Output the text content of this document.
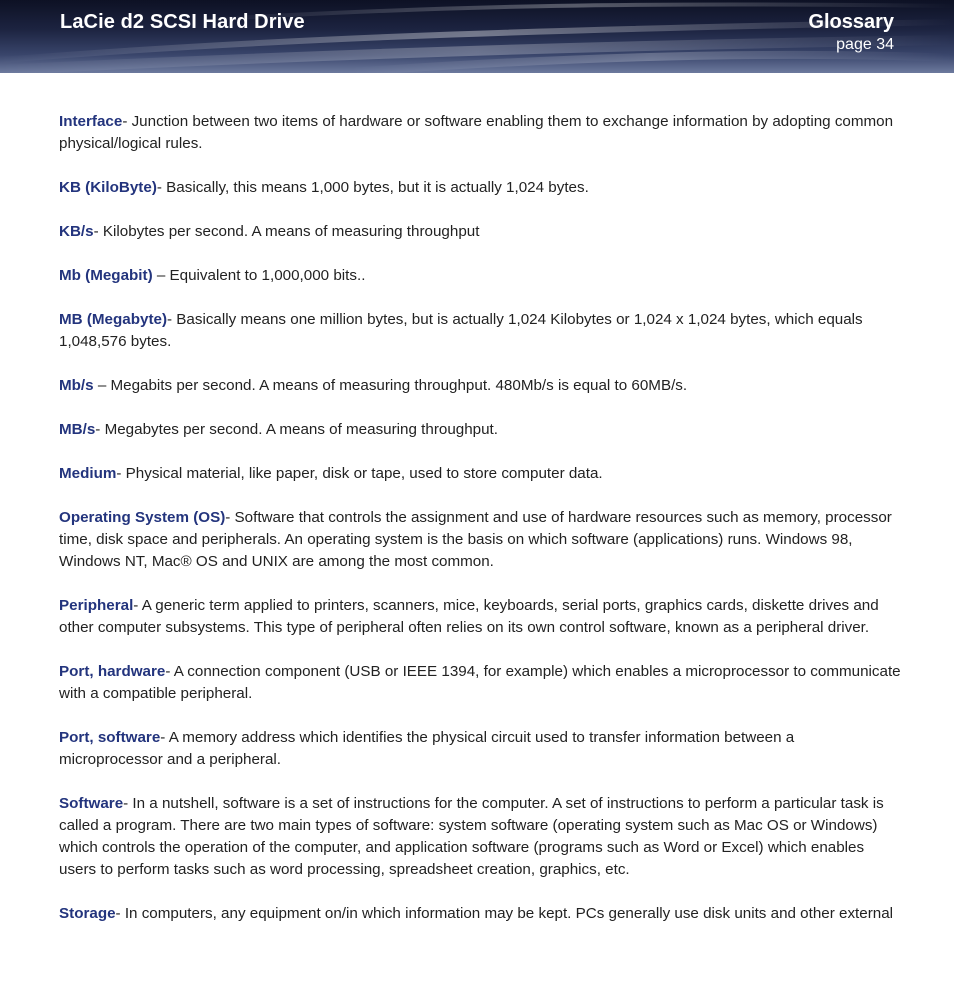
LaCie d2 SCSI Hard Drive	Glossary
page 34

Interface- Junction between two items of hardware or software enabling them to exchange information by adopting common physical/logical rules.

KB (KiloByte)- Basically, this means 1,000 bytes, but it is actually 1,024 bytes.

KB/s- Kilobytes per second. A means of measuring throughput

Mb (Megabit) – Equivalent to 1,000,000 bits..

MB (Megabyte)- Basically means one million bytes, but is actually 1,024 Kilobytes or 1,024 x 1,024 bytes, which equals 1,048,576 bytes.

Mb/s – Megabits per second. A means of measuring throughput. 480Mb/s is equal to 60MB/s.

MB/s- Megabytes per second. A means of measuring throughput.

Medium- Physical material, like paper, disk or tape, used to store computer data.

Operating System (OS)- Software that controls the assignment and use of hardware resources such as memory, processor time, disk space and peripherals. An operating system is the basis on which software (applications) runs. Windows 98, Windows NT, Mac® OS and UNIX are among the most common.

Peripheral- A generic term applied to printers, scanners, mice, keyboards, serial ports, graphics cards, diskette drives and other computer subsystems. This type of peripheral often relies on its own control software, known as a peripheral driver.

Port, hardware- A connection component (USB or IEEE 1394, for example) which enables a microprocessor to communicate with a compatible peripheral.

Port, software- A memory address which identifies the physical circuit used to transfer information between a microprocessor and a peripheral.

Software- In a nutshell, software is a set of instructions for the computer. A set of instructions to perform a particular task is called a program. There are two main types of software: system software (operating system such as Mac OS or Windows) which controls the operation of the computer, and application software (programs such as Word or Excel) which enables users to perform tasks such as word processing, spreadsheet creation, graphics, etc.

Storage- In computers, any equipment on/in which information may be kept. PCs generally use disk units and other external
